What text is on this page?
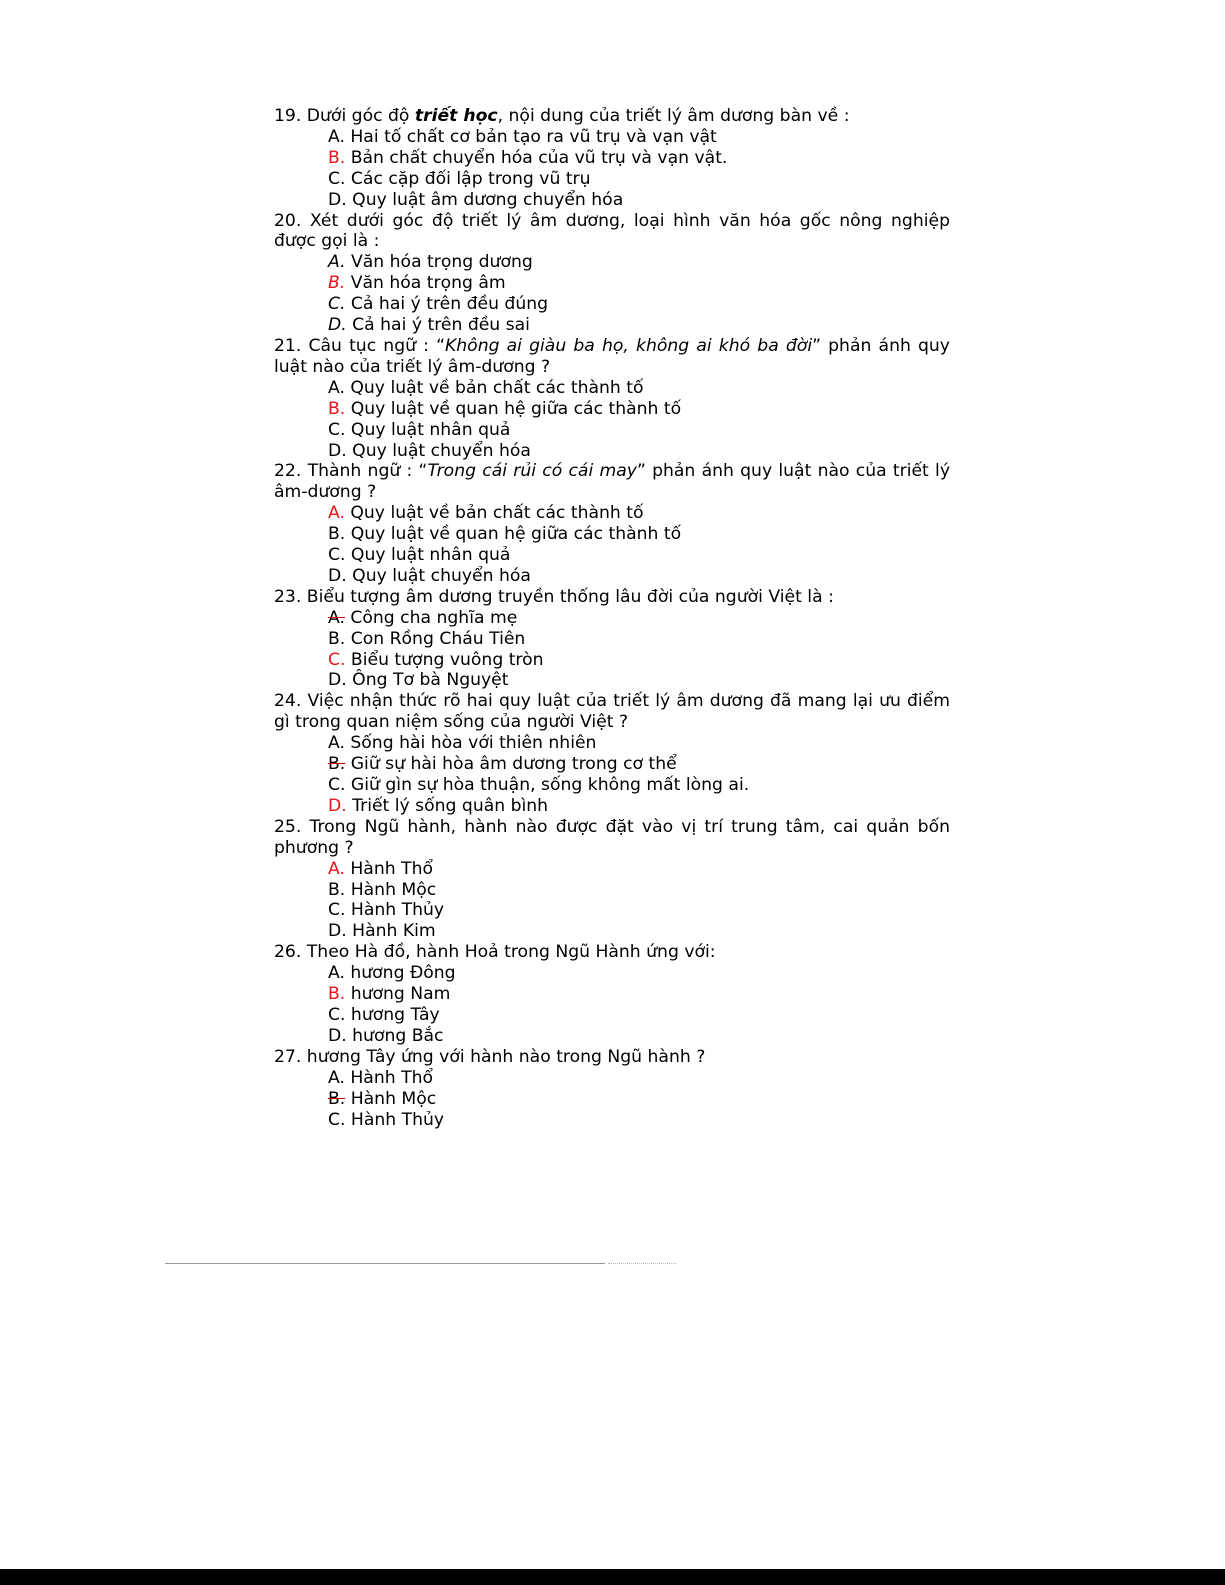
19. Dưới góc độ triết học, nội dung của triết lý âm dương bàn về :

A. Hai tố chất cơ bản tạo ra vũ trụ và vạn vật

B. Bản chất chuyển hóa của vũ trụ và vạn vật.

C. Các cặp đối lập trong vũ trụ

D. Quy luật âm dương chuyển hóa

20. Xét dưới góc độ triết lý âm dương, loại hình văn hóa gốc nông nghiệp được gọi là :

A. Văn hóa trọng dương

B. Văn hóa trọng âm

C. Cả hai ý trên đều đúng

D. Cả hai ý trên đều sai

21. Câu tục ngữ : “Không ai giàu ba họ, không ai khó ba đời” phản ánh quy luật nào của triết lý âm-dương ?

A. Quy luật về bản chất các thành tố

B. Quy luật về quan hệ giữa các thành tố

C. Quy luật nhân quả

D. Quy luật chuyển hóa

22. Thành ngữ : “Trong cái rủi có cái may” phản ánh quy luật nào của triết lý âm-dương ?

A. Quy luật về bản chất các thành tố

B. Quy luật về quan hệ giữa các thành tố

C. Quy luật nhân quả

D. Quy luật chuyển hóa

23. Biểu tượng âm dương truyền thống lâu đời của người Việt là :

A. Công cha nghĩa mẹ

B. Con Rồng Cháu Tiên

C. Biểu tượng vuông tròn

D. Ông Tơ bà Nguyệt

24. Việc nhận thức rõ hai quy luật của triết lý âm dương đã mang lại ưu điểm gì trong quan niệm sống của người Việt ?

A. Sống hài hòa với thiên nhiên

B. Giữ sự hài hòa âm dương trong cơ thể

C. Giữ gìn sự hòa thuận, sống không mất lòng ai.

D. Triết lý sống quân bình

25. Trong Ngũ hành, hành nào được đặt vào vị trí trung tâm, cai quản bốn phương ?

A. Hành Thổ

B. Hành Mộc

C. Hành Thủy

D. Hành Kim

26. Theo Hà đồ, hành Hoả trong Ngũ Hành ứng với:

A. hương Đông

B. hương Nam

C. hương Tây

D. hương Bắc

27. hương Tây ứng với hành nào trong Ngũ hành ?

A. Hành Thổ

B. Hành Mộc

C. Hành Thủy
